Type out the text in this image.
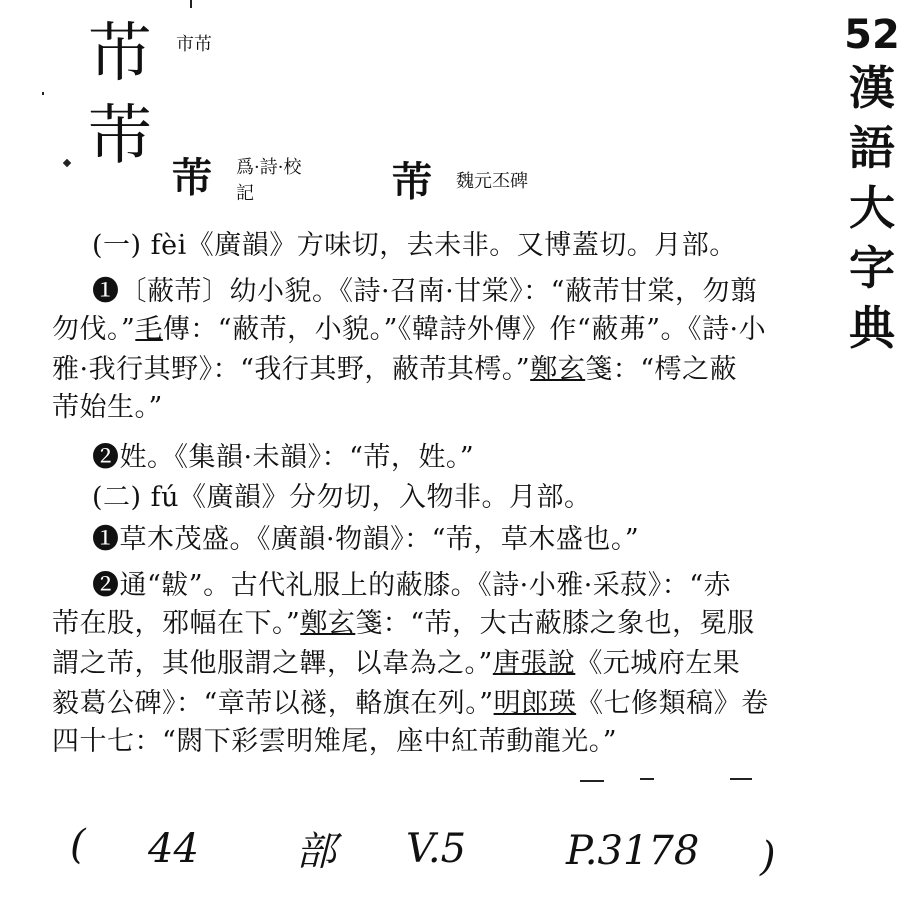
芇 市芇
芾
芾 爲·詩·校
記	芾 魏元丕碑
52
漢
語
大
字
典
(一) fèi《廣韻》方味切，去未非。又博蓋切。月部。
❶〔蔽芾〕幼小貌。《詩·召南·甘棠》：“蔽芾甘棠，勿翦
勿伐。”毛傳：“蔽芾，小貌。”《韓詩外傳》作“蔽茀”。《詩·小
雅·我行其野》：“我行其野，蔽芾其樗。”鄭玄箋：“樗之蔽
芾始生。”
❷姓。《集韻·未韻》：“芾，姓。”
(二) fú《廣韻》分勿切，入物非。月部。
❶草木茂盛。《廣韻·物韻》：“芾，草木盛也。”
❷通“韍”。古代礼服上的蔽膝。《詩·小雅·采菽》：“赤
芾在股，邪幅在下。”鄭玄箋：“芾，大古蔽膝之象也，冕服
謂之芾，其他服謂之韠，以韋為之。”唐張說《元城府左果
毅葛公碑》：“章芾以襚，輅旗在列。”明郎瑛《七修類稿》卷
四十七：“閼下彩雲明雉尾，座中紅芾動龍光。”
( 44 部 V.5 P.3178 )
